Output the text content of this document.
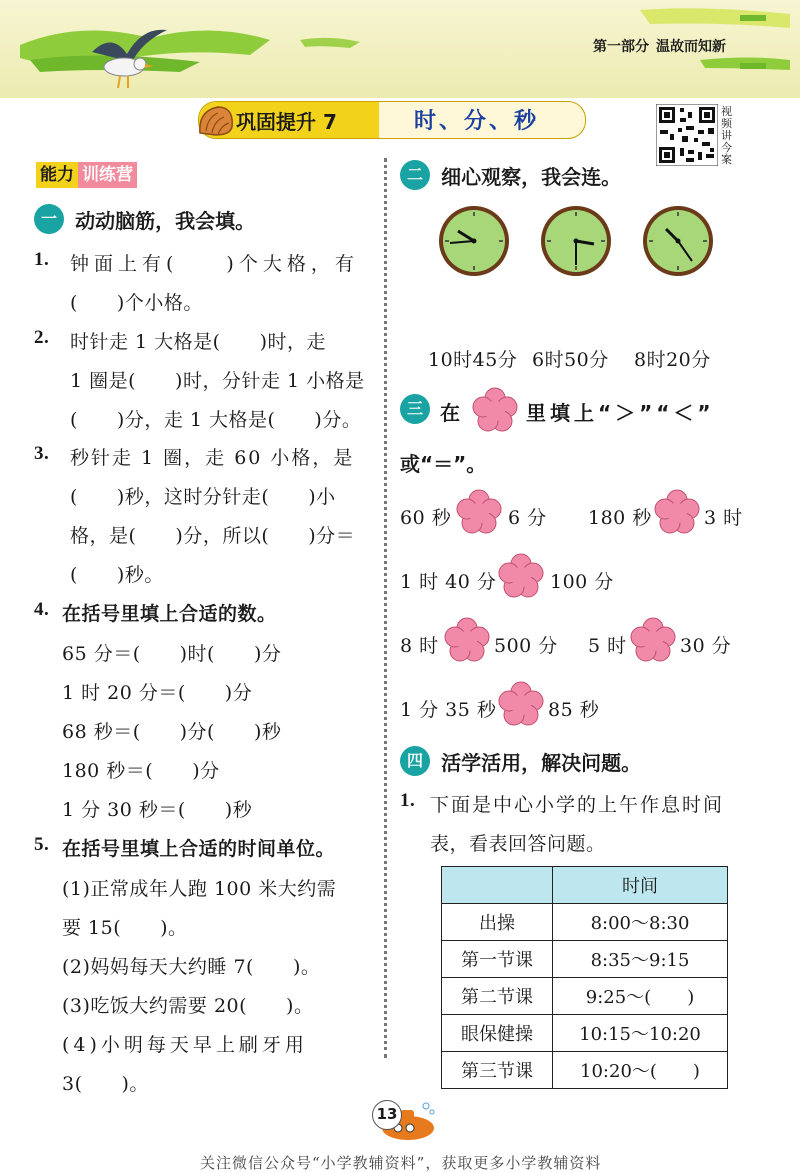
第一部分 温故而知新
巩固提升 7	时、分、秒	视频讲今案
能力 训练营
一 动动脑筋，我会填。
1. 钟面上有(　　)个大格，有
(　　)个小格。
2. 时针走 1 大格是(　　)时，走
1 圈是(　　)时，分针走 1 小格是
(　　)分，走 1 大格是(　　)分。
3. 秒针走 1 圈，走 60 小格，是
(　　)秒，这时分针走(　　)小
格，是(　　)分，所以(　　)分＝
(　　)秒。
4. 在括号里填上合适的数。
65 分＝(　　)时(　　)分
1 时 20 分＝(　　)分
68 秒＝(　　)分(　　)秒
180 秒＝(　　)分
1 分 30 秒＝(　　)秒
5. 在括号里填上合适的时间单位。
(1)正常成年人跑 100 米大约需
要 15(　　)。
(2)妈妈每天大约睡 7(　　)。
(3)吃饭大约需要 20(　　)。
(4)小明每天早上刷牙用
3(　　)。
二 细心观察，我会连。
10时45分 6时50分 8时20分
三 在	里填上“＞”“＜”
或“＝”。
60 秒	6 分 180 秒	3 时
1 时 40 分	100 分
8 时	500 分 5 时	30 分
1 分 35 秒	85 秒
四 活学活用，解决问题。
1. 下面是中心小学的上午作息时间
表，看表回答问题。
	时间
出操	8:00～8:30
第一节课	8:35～9:15
第二节课	9:25～(　　)
眼保健操	10:15～10:20
第三节课	10:20～(　　)
13
关注微信公众号“小学教辅资料”，获取更多小学教辅资料
